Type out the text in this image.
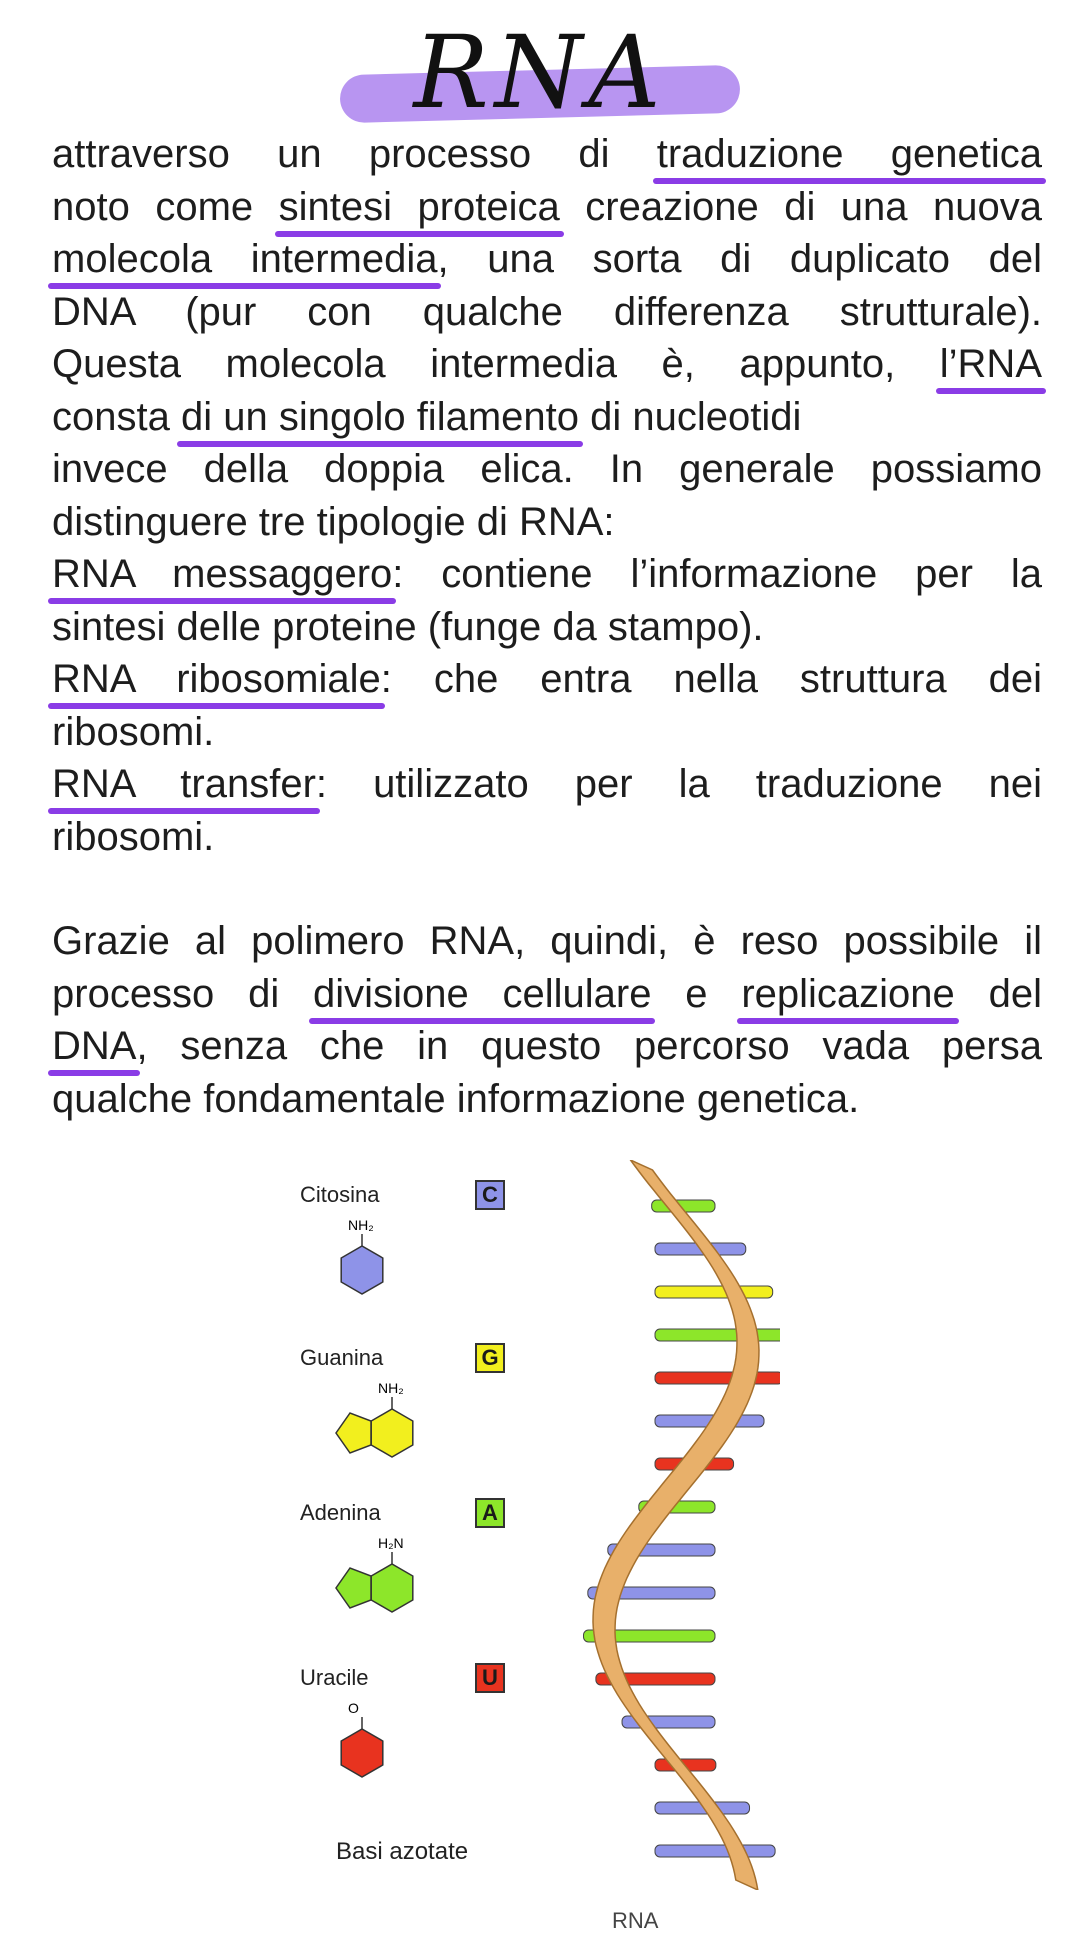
RNA
attraverso un processo di traduzione genetica
noto come sintesi proteica creazione di una nuova
molecola intermedia, una sorta di duplicato del
DNA (pur con qualche differenza strutturale).
Questa molecola intermedia è, appunto, l’RNA
consta di un singolo filamento di nucleotidi
invece della doppia elica. In generale possiamo
distinguere tre tipologie di RNA:
RNA messaggero: contiene l’informazione per la
sintesi delle proteine (funge da stampo).
RNA ribosomiale: che entra nella struttura dei
ribosomi.
RNA transfer: utilizzato per la traduzione nei
ribosomi.
Grazie al polimero RNA, quindi, è reso possibile il
processo di divisione cellulare e replicazione del
DNA, senza che in questo percorso vada persa
qualche fondamentale informazione genetica.
Basi azotate
Citosina	C
NH₂
Guanina	G
NH₂
Adenina	A
H₂N
Uracile	U
O
RNA
